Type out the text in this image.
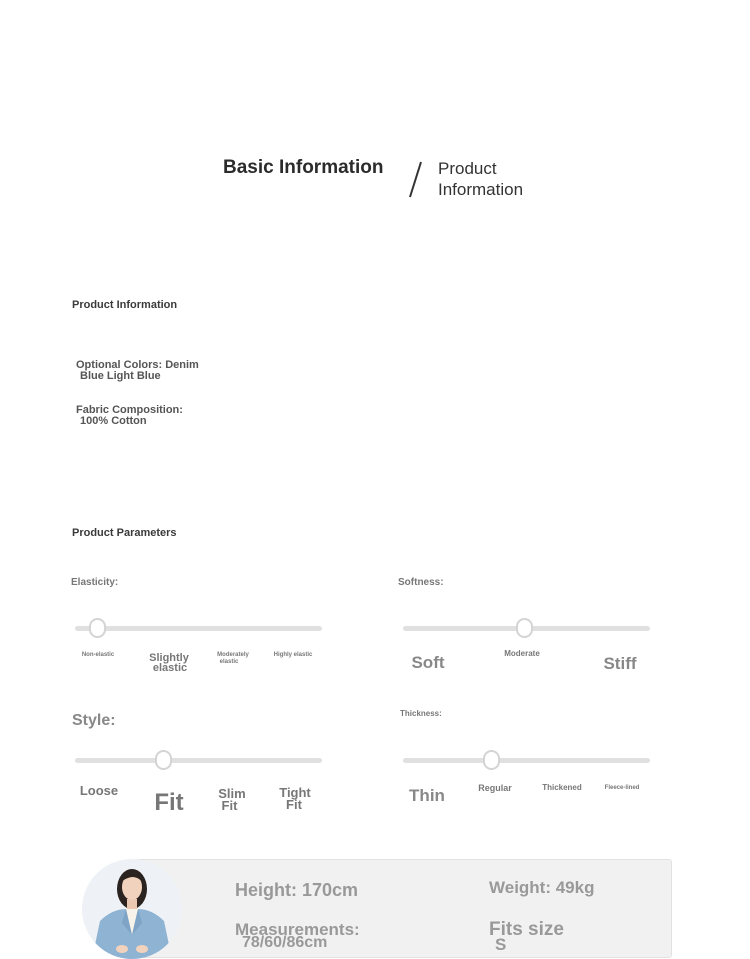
Basic Information	Product Information
Product Information
Optional Colors: Denim
Blue Light Blue
Fabric Composition:
100% Cotton
Product Parameters
Elasticity:
Non-elastic	Slightly
elastic
Moderately
elastic
Highly elastic
Softness:
Soft	Moderate
Stiff
Style:
Loose	Fit	Slim
Fit
Tight
Fit
Thickness:
Thin	Regular	Thickened	Fleece-lined
Height: 170cm	Weight: 49kg
Measurements:
78/60/86cm
Fits size
S
